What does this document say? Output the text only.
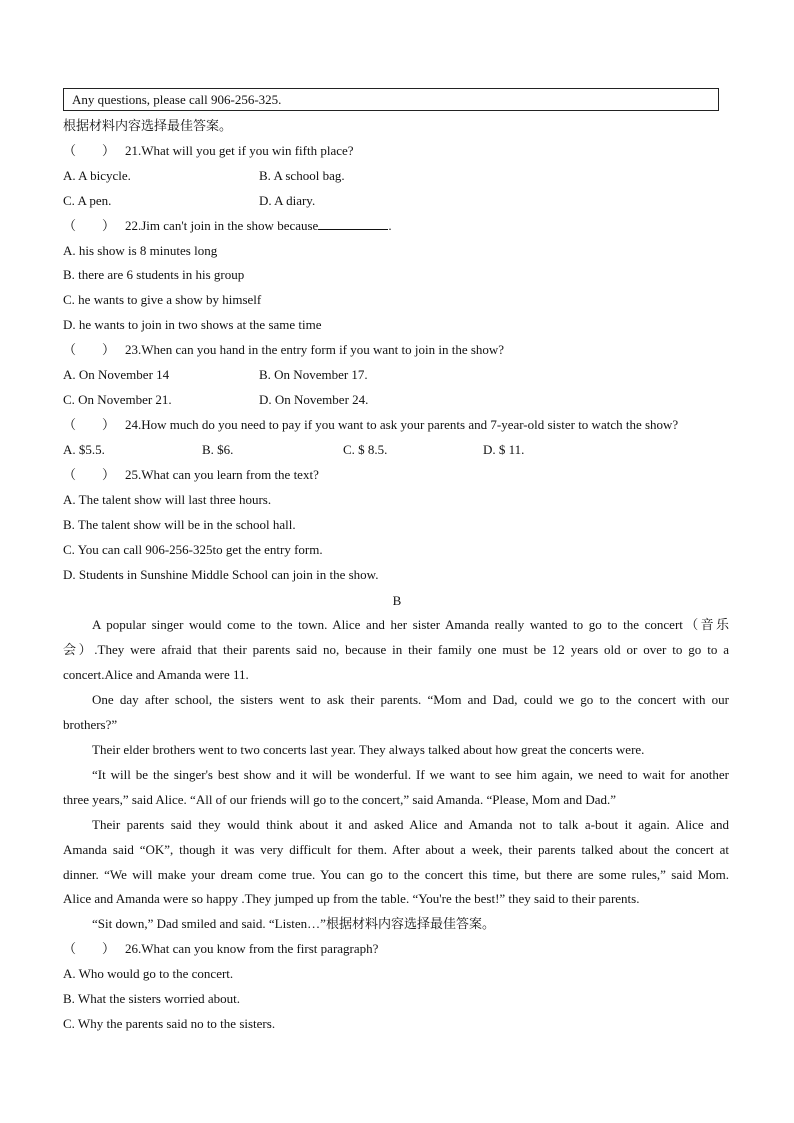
Any questions, please call 906-256-325.
根据材料内容选择最佳答案。
（　　） 21.What will you get if you win fifth place?
A. A bicycle.	B. A school bag.
C. A pen.	D. A diary.
（　　） 22.Jim can't join in the show because	.
A. his show is 8 minutes long
B. there are 6 students in his group
C. he wants to give a show by himself
D. he wants to join in two shows at the same time
（　　） 23.When can you hand in the entry form if you want to join in the show?
A. On November 14	B. On November 17.
C. On November 21.	D. On November 24.
（　　） 24.How much do you need to pay if you want to ask your parents and 7-year-old sister to watch the show?
A. $5.5.	B. $6.	C. $ 8.5.	D. $ 11.
（　　） 25.What can you learn from the text?
A. The talent show will last three hours.
B. The talent show will be in the school hall.
C. You can call 906-256-325to get the entry form.
D. Students in Sunshine Middle School can join in the show.
B
A popular singer would come to the town. Alice and her sister Amanda really wanted to go to the concert（音乐
会）.They were afraid that their parents said no, because in their family one must be 12 years old or over to go to a
concert.Alice and Amanda were 11.
One day after school, the sisters went to ask their parents. “Mom and Dad, could we go to the concert with our
brothers?”
Their elder brothers went to two concerts last year. They always talked about how great the concerts were.
“It will be the singer's best show and it will be wonderful. If we want to see him again, we need to wait for another
three years,” said Alice. “All of our friends will go to the concert,” said Amanda. “Please, Mom and Dad.”
Their parents said they would think about it and asked Alice and Amanda not to talk a-bout it again. Alice and
Amanda said “OK”, though it was very difficult for them. After about a week, their parents talked about the concert at
dinner. “We will make your dream come true. You can go to the concert this time, but there are some rules,” said Mom.
Alice and Amanda were so happy .They jumped up from the table. “You're the best!” they said to their parents.
“Sit down,” Dad smiled and said. “Listen…”根据材料内容选择最佳答案。
（　　） 26.What can you know from the first paragraph?
A. Who would go to the concert.
B. What the sisters worried about.
C. Why the parents said no to the sisters.
